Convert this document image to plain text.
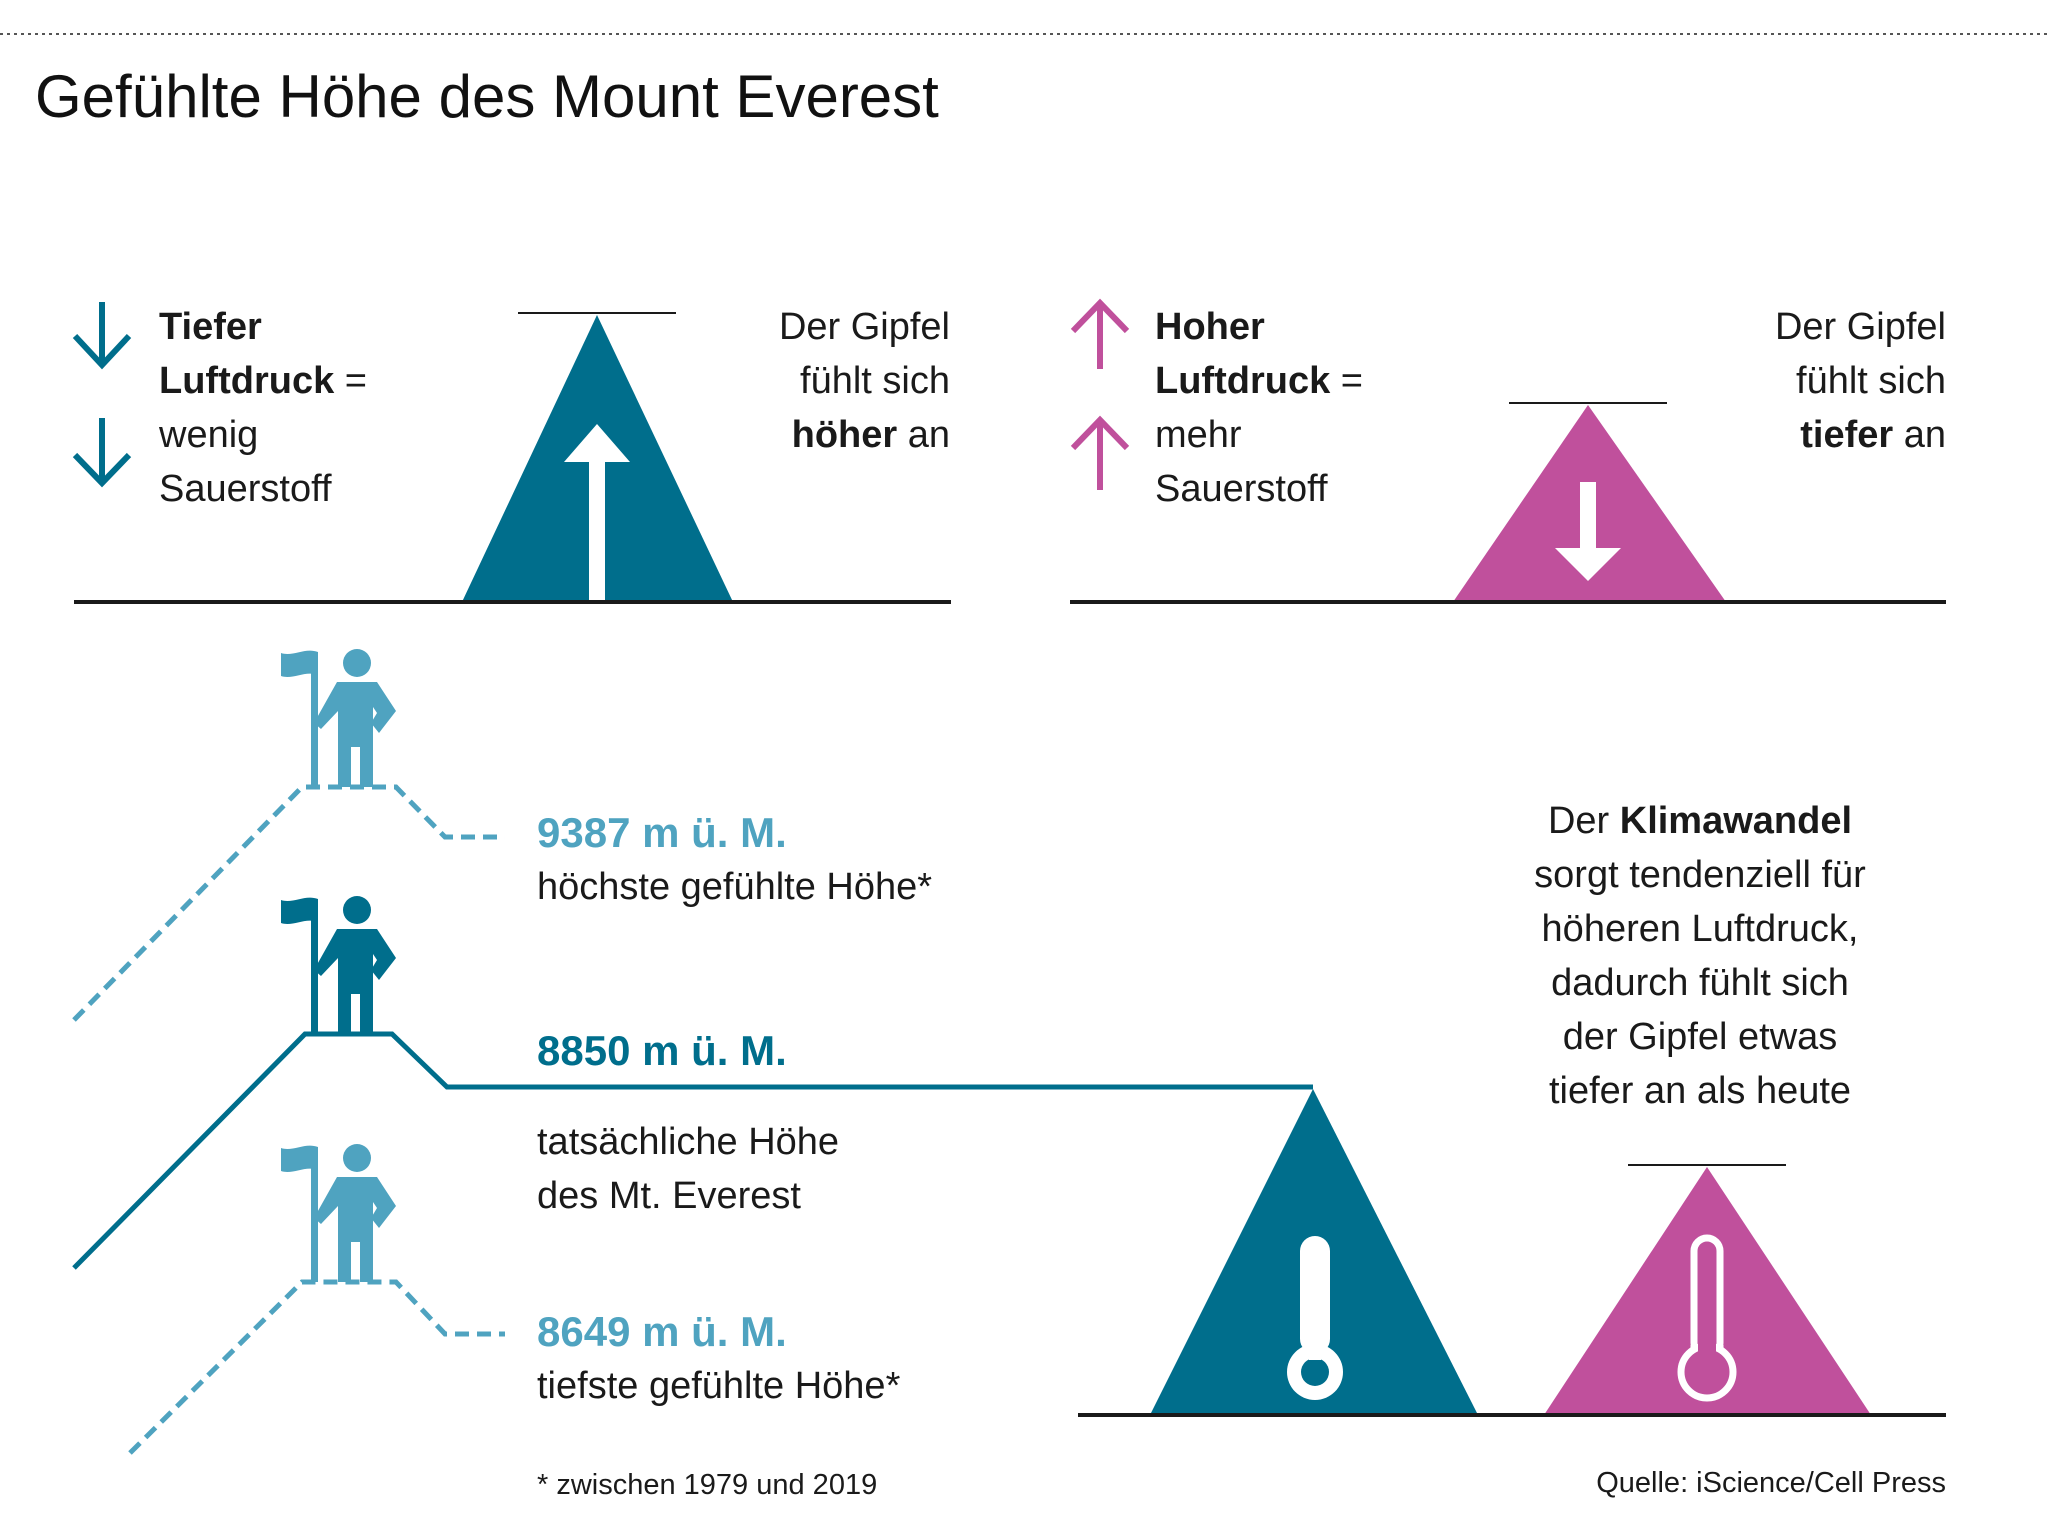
Gefühlte Höhe des Mount Everest
Tiefer
Luftdruck =
wenig
Sauerstoff
Der Gipfel
fühlt sich
höher an
Hoher
Luftdruck =
mehr
Sauerstoff
Der Gipfel
fühlt sich
tiefer an
9387 m ü. M.
höchste gefühlte Höhe*
8850 m ü. M.
tatsächliche Höhe
des Mt. Everest
8649 m ü. M.
tiefste gefühlte Höhe*
Der Klimawandel
sorgt tendenziell für
höheren Luftdruck,
dadurch fühlt sich
der Gipfel etwas
tiefer an als heute
* zwischen 1979 und 2019	Quelle: iScience/Cell Press
